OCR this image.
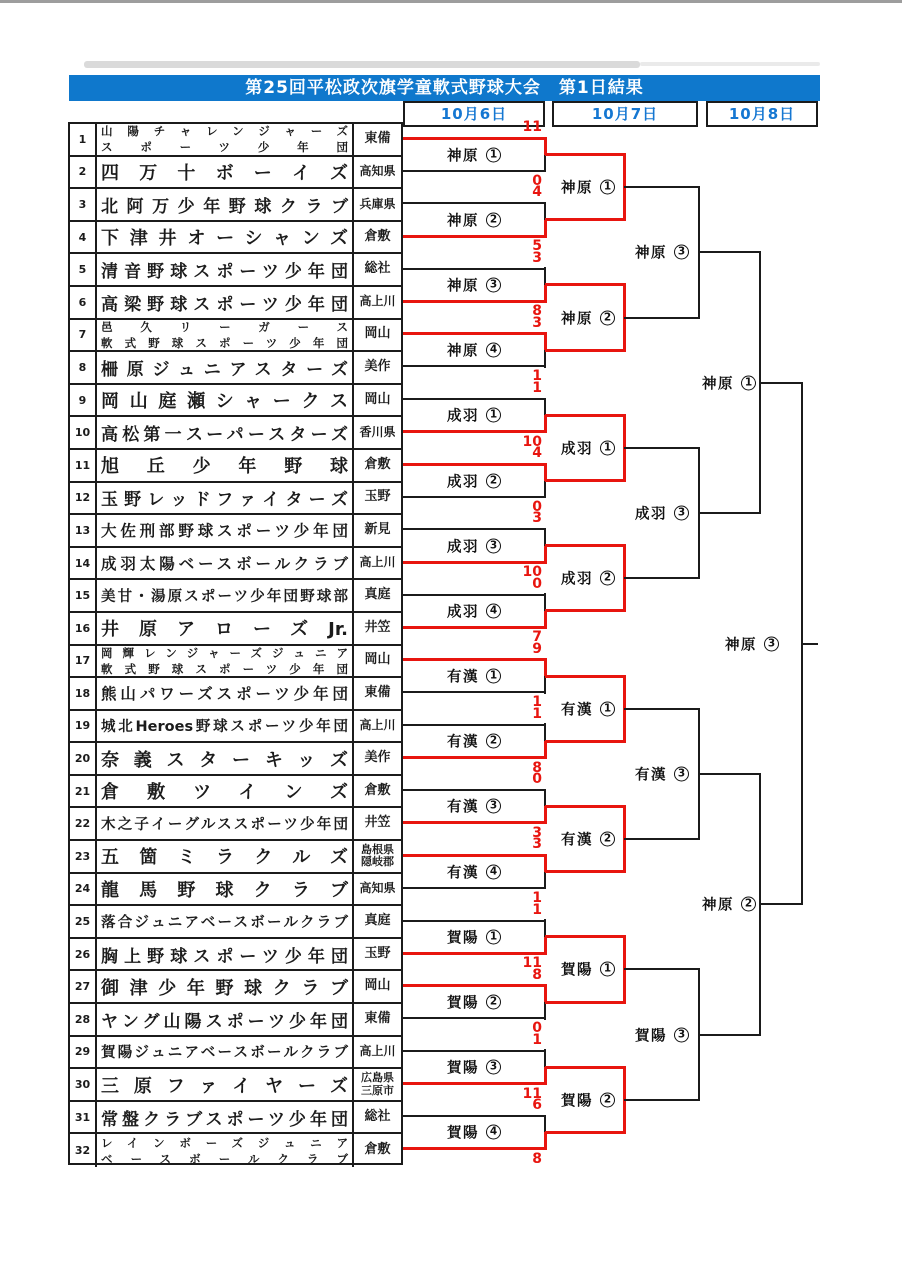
第25回平松政次旗学童軟式野球大会　第1日結果
10月6日	10月7日	10月8日
1
山陽チャレンジャーズ
スポーツ少年団
東備
2 四万十ボーイズ 高知県
3 北阿万少年野球クラブ 兵庫県
4 下津井オーシャンズ 倉敷
5 清音野球スポーツ少年団 総社
6 高梁野球スポーツ少年団 高上川
7
邑久リーガース
軟式野球スポーツ少年団
岡山
8 柵原ジュニアスターズ 美作
9 岡山庭瀬シャークス 岡山
10 高松第一スーパースターズ 香川県
11 旭丘少年野球 倉敷
12 玉野レッドファイターズ 玉野
13 大佐刑部野球スポーツ少年団 新見
14 成羽太陽ベースボールクラブ 高上川
15 美甘・湯原スポーツ少年団野球部 真庭
16 井原アローズJr. 井笠
17
岡輝レンジャーズジュニア
軟式野球スポーツ少年団
岡山
18 熊山パワーズスポーツ少年団 東備
19 城北Heroes野球スポーツ少年団 高上川
20 奈義スターキッズ 美作
21 倉敷ツインズ 倉敷
22 木之子イーグルススポーツ少年団 井笠
23 五箇ミラクルズ 島根県
隠岐郡
24 龍馬野球クラブ 高知県
25 落合ジュニアベースボールクラブ 真庭
26 胸上野球スポーツ少年団 玉野
27 御津少年野球クラブ 岡山
28 ヤング山陽スポーツ少年団 東備
29 賀陽ジュニアベースボールクラブ 高上川
30 三原ファイヤーズ 広島県
三原市
31 常盤クラブスポーツ少年団 総社
32
レインボーズジュニア
ベースボールクラブ
倉敷
神原	1
11
0
神原	2
4
5
神原	3
3
8
神原	4
3
1
成羽	1
1
10
成羽	2
4
0
成羽	3
3
10
成羽	4
0
7
有漢	1
9
1
有漢	2
1
8
有漢	3
0
3
有漢	4
3
1
賀陽	1
1
11
賀陽	2
8
0
賀陽	3
1
11
賀陽	4
6
8
神原	1
神原	2
成羽	1
成羽	2
有漢	1
有漢	2
賀陽	1
賀陽	2
神原	3
成羽	3
有漢	3
賀陽	3
神原	1
神原	2
神原	3
